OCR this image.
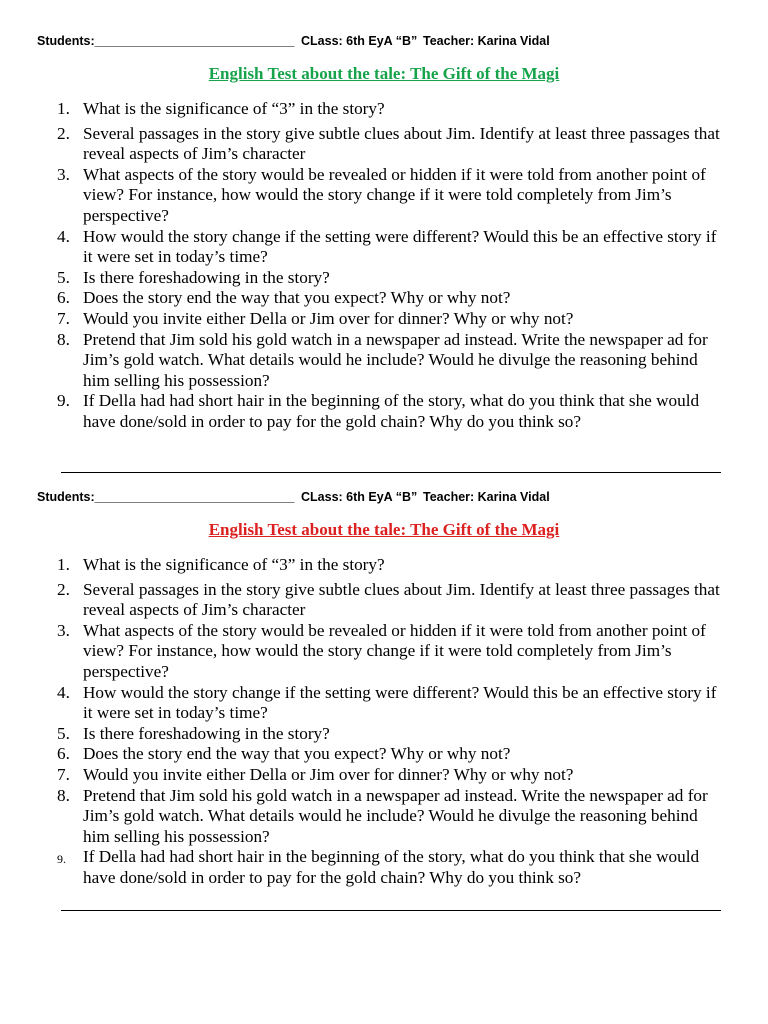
Students:______________________________ CLass: 6th EyA “B” Teacher: Karina Vidal
English Test about the tale: The Gift of the Magi
1. What is the significance of “3” in the story?
2. Several passages in the story give subtle clues about Jim. Identify at least three passages that reveal aspects of Jim’s character
3. What aspects of the story would be revealed or hidden if it were told from another point of view? For instance, how would the story change if it were told completely from Jim’s perspective?
4. How would the story change if the setting were different? Would this be an effective story if it were set in today’s time?
5. Is there foreshadowing in the story?
6. Does the story end the way that you expect? Why or why not?
7. Would you invite either Della or Jim over for dinner? Why or why not?
8. Pretend that Jim sold his gold watch in a newspaper ad instead. Write the newspaper ad for Jim’s gold watch. What details would he include? Would he divulge the reasoning behind him selling his possession?
9. If Della had had short hair in the beginning of the story, what do you think that she would have done/sold in order to pay for the gold chain? Why do you think so?
Students:______________________________ CLass: 6th EyA “B” Teacher: Karina Vidal
English Test about the tale: The Gift of the Magi
1. What is the significance of “3” in the story?
2. Several passages in the story give subtle clues about Jim. Identify at least three passages that reveal aspects of Jim’s character
3. What aspects of the story would be revealed or hidden if it were told from another point of view? For instance, how would the story change if it were told completely from Jim’s perspective?
4. How would the story change if the setting were different? Would this be an effective story if it were set in today’s time?
5. Is there foreshadowing in the story?
6. Does the story end the way that you expect? Why or why not?
7. Would you invite either Della or Jim over for dinner? Why or why not?
8. Pretend that Jim sold his gold watch in a newspaper ad instead. Write the newspaper ad for Jim’s gold watch. What details would he include? Would he divulge the reasoning behind him selling his possession?
9. If Della had had short hair in the beginning of the story, what do you think that she would have done/sold in order to pay for the gold chain? Why do you think so?
